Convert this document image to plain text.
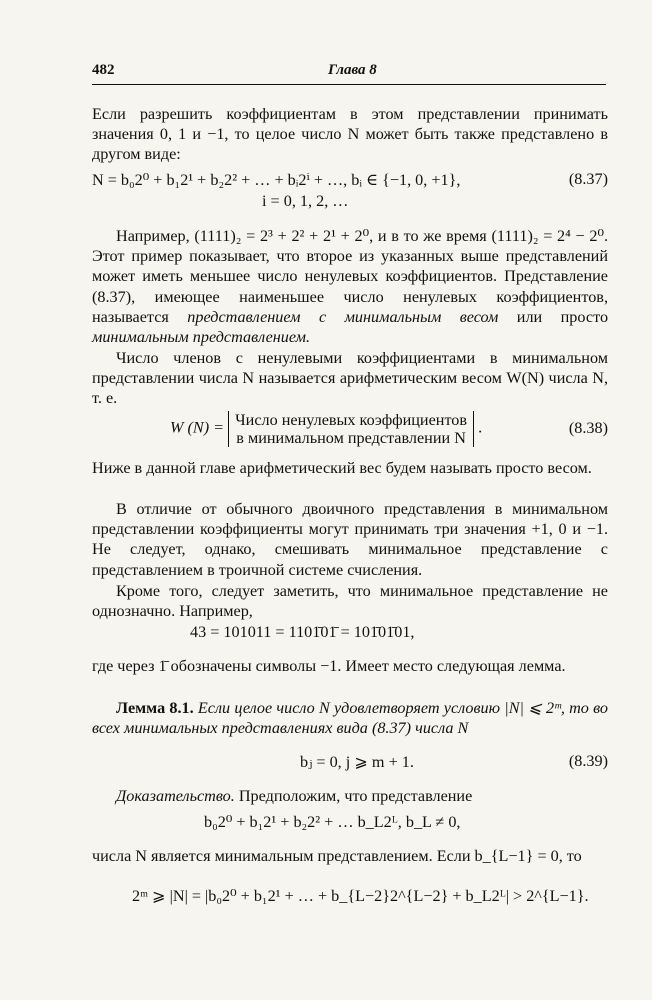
482	Глава 8

Если разрешить коэффициентам в этом представлении принимать значения 0, 1 и −1, то целое число N может быть также представлено в другом виде:

N = b₀2⁰ + b₁2¹ + b₂2² + … + bᵢ2ⁱ + …, bᵢ ∈ {−1, 0, +1},	(8.37)
i = 0, 1, 2, …

Например, (1111)₂ = 2³ + 2² + 2¹ + 2⁰, и в то же время (1111)₂ = 2⁴ − 2⁰. Этот пример показывает, что второе из указанных выше представлений может иметь меньшее число ненулевых коэффициентов. Представление (8.37), имеющее наименьшее число ненулевых коэффициентов, называется представлением с минимальным весом или просто минимальным представлением.

Число членов с ненулевыми коэффициентами в минимальном представлении числа N называется арифметическим весом W(N) числа N, т. е.

W (N) = Число ненулевых коэффициентов
в минимальном представлении N .	(8.38)

Ниже в данной главе арифметический вес будем называть просто весом.

В отличие от обычного двоичного представления в минимальном представлении коэффициенты могут принимать три значения +1, 0 и −1. Не следует, однако, смешивать минимальное представление с представлением в троичной системе счисления.

Кроме того, следует заметить, что минимальное представление не однозначно. Например,

43 = 101011 = 1101̄01̄ = 101̄01̄01,

где через 1̄ обозначены символы −1. Имеет место следующая лемма.

Лемма 8.1. Если целое число N удовлетворяет условию |N| ⩽ 2ᵐ, то во всех минимальных представлениях вида (8.37) числа N

bⱼ = 0, j ⩾ m + 1.	(8.39)

Доказательство. Предположим, что представление

b₀2⁰ + b₁2¹ + b₂2² + … b_L2ᴸ, b_L ≠ 0,

числа N является минимальным представлением. Если b_{L−1} = 0, то

2ᵐ ⩾ |N| = |b₀2⁰ + b₁2¹ + … + b_{L−2}2^{L−2} + b_L2ᴸ| > 2^{L−1}.
